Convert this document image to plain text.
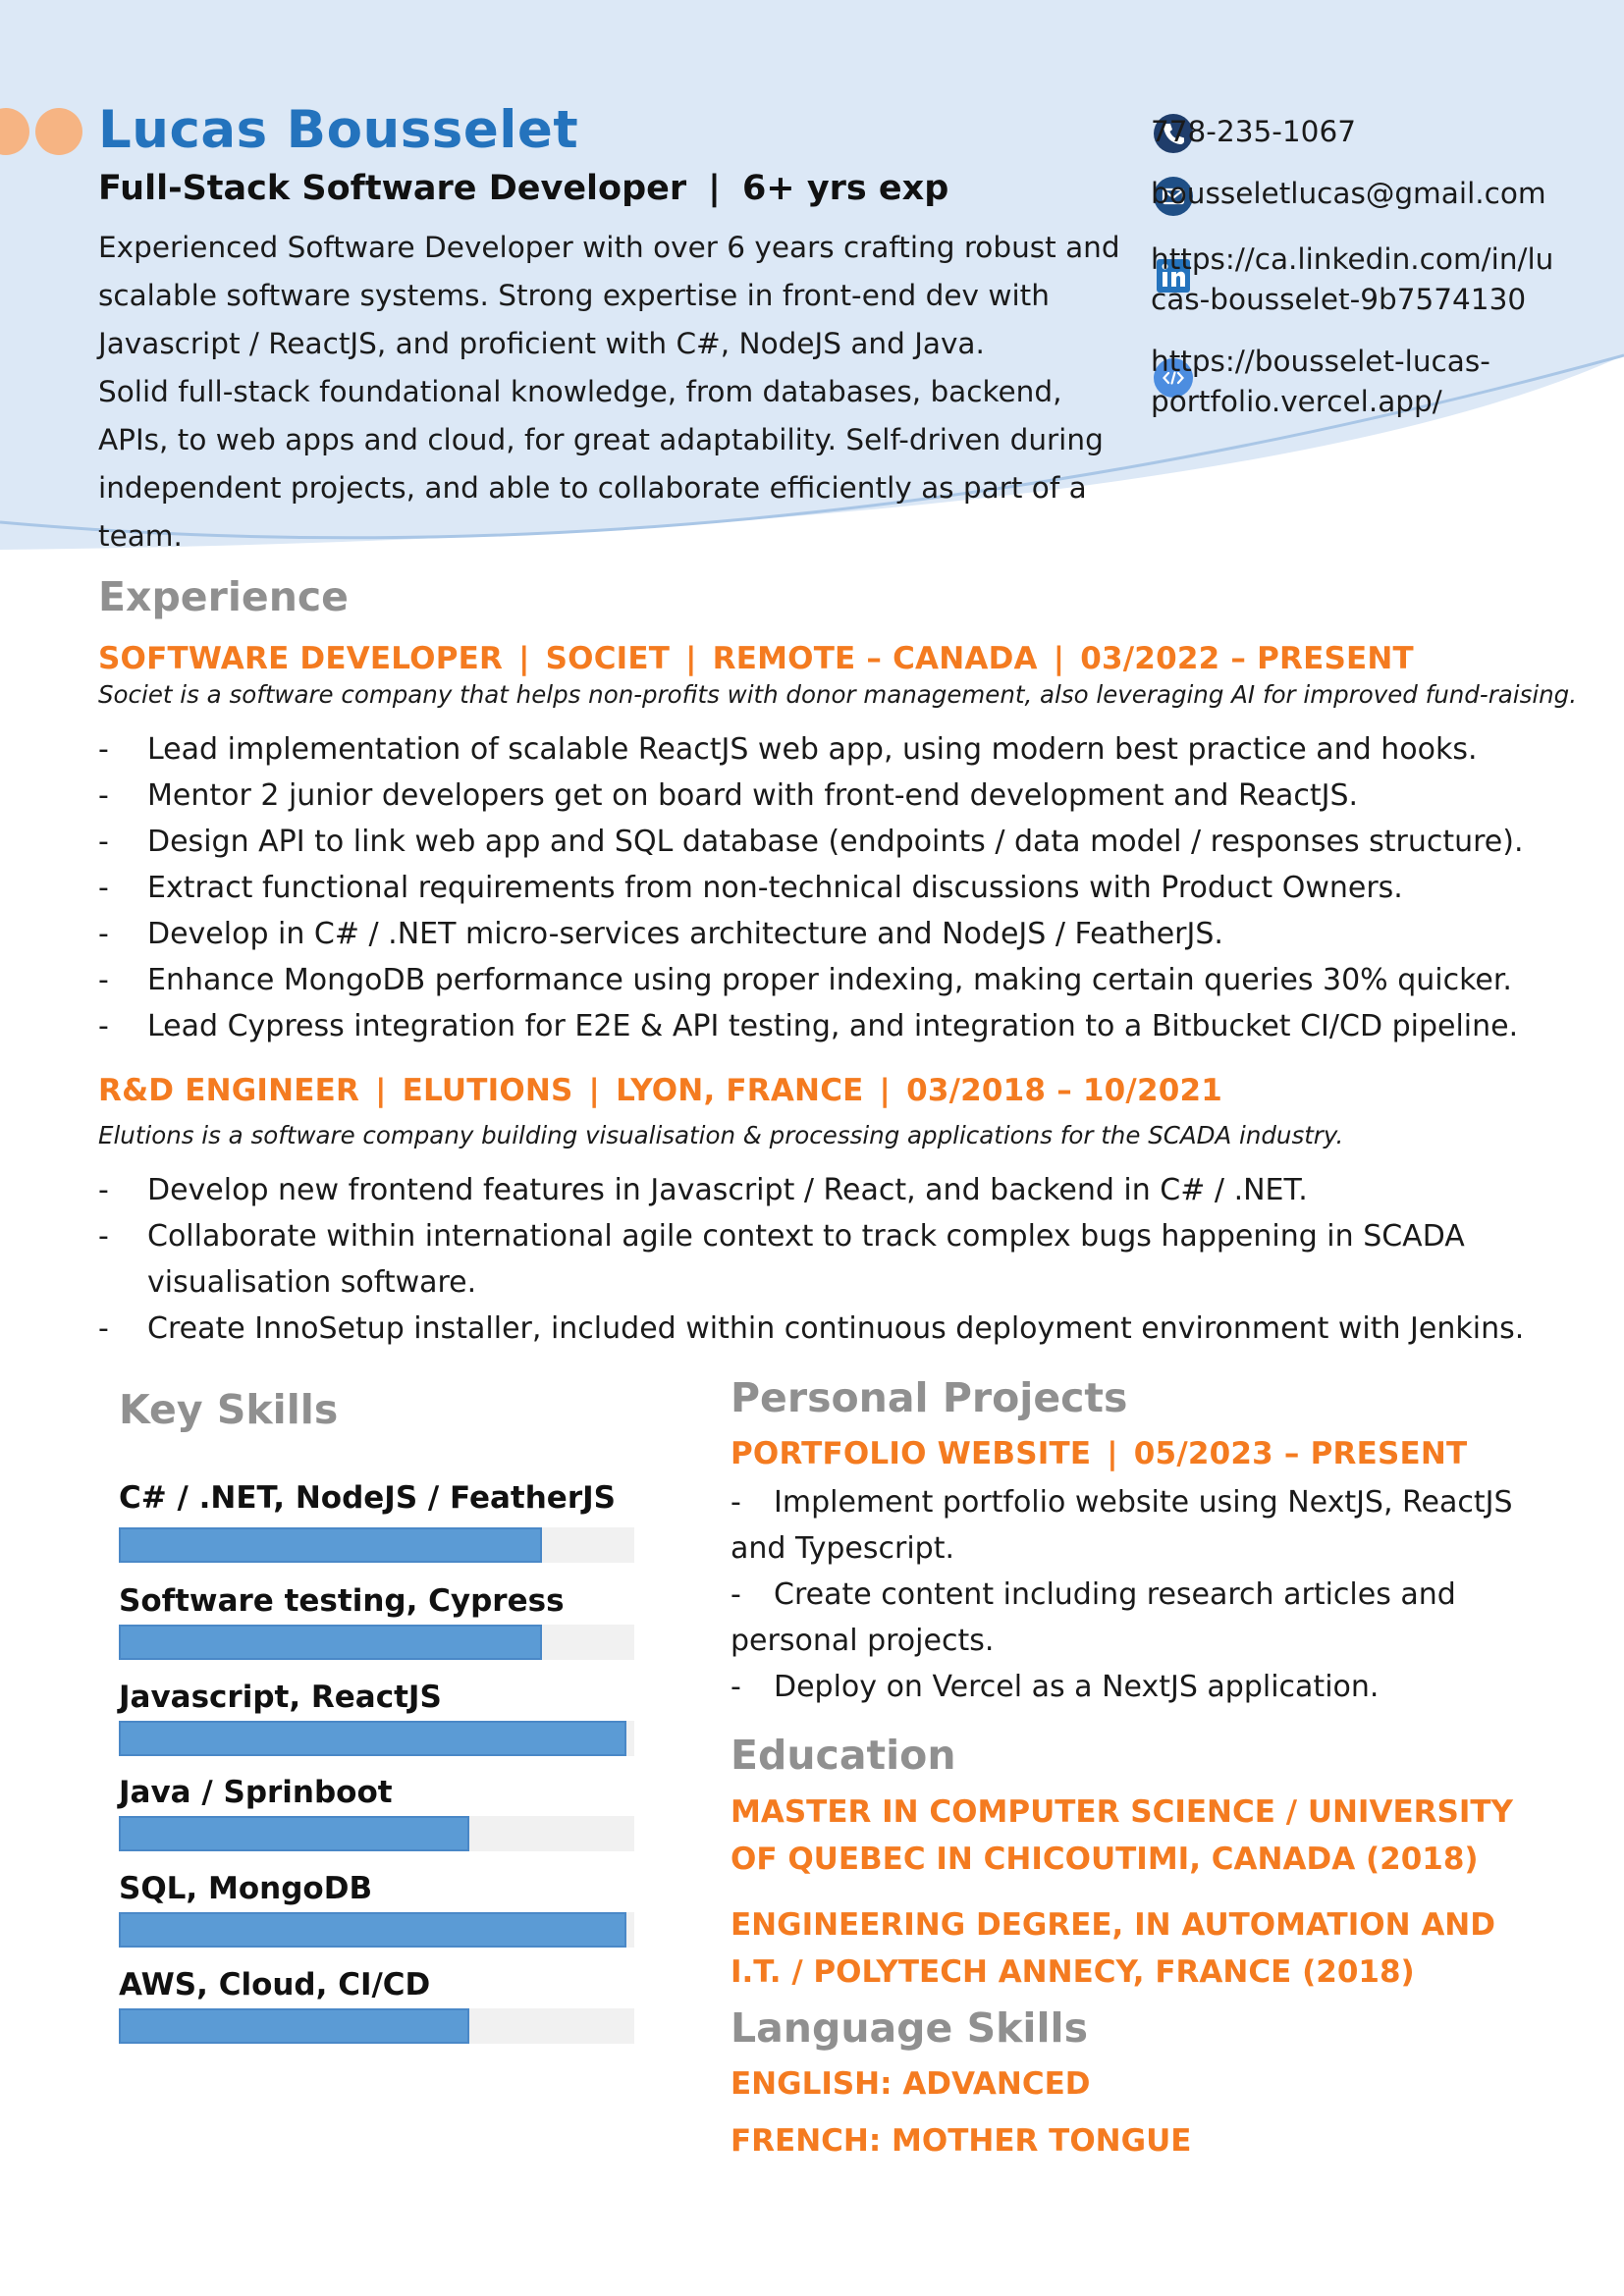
Lucas Bousselet
Full-Stack Software Developer | 6+ yrs exp

Experienced Software Developer with over 6 years crafting robust and scalable software systems. Strong expertise in front-end dev with Javascript / ReactJS, and proficient with C#, NodeJS and Java.

Solid full-stack foundational knowledge, from databases, backend, APIs, to web apps and cloud, for great adaptability. Self-driven during independent projects, and able to collaborate efficiently as part of a team.

778-235-1067
bousseletlucas@gmail.com
https://ca.linkedin.com/in/lu
cas-bousselet-9b7574130
https://bousselet-lucas-
portfolio.vercel.app/
Experience
SOFTWARE DEVELOPER | SOCIET | REMOTE – CANADA | 03/2022 – PRESENT
Societ is a software company that helps non-profits with donor management, also leveraging AI for improved fund-raising.
- Lead implementation of scalable ReactJS web app, using modern best practice and hooks.
- Mentor 2 junior developers get on board with front-end development and ReactJS.
- Design API to link web app and SQL database (endpoints / data model / responses structure).
- Extract functional requirements from non-technical discussions with Product Owners.
- Develop in C# / .NET micro-services architecture and NodeJS / FeatherJS.
- Enhance MongoDB performance using proper indexing, making certain queries 30% quicker.
- Lead Cypress integration for E2E & API testing, and integration to a Bitbucket CI/CD pipeline.
R&D ENGINEER | ELUTIONS | LYON, FRANCE | 03/2018 – 10/2021
Elutions is a software company building visualisation & processing applications for the SCADA industry.
- Develop new frontend features in Javascript / React, and backend in C# / .NET.
- Collaborate within international agile context to track complex bugs happening in SCADA visualisation software.
- Create InnoSetup installer, included within continuous deployment environment with Jenkins.
Key Skills
C# / .NET, NodeJS / FeatherJS
Software testing, Cypress
Javascript, ReactJS
Java / Sprinboot
SQL, MongoDB
AWS, Cloud, CI/CD
Personal Projects
PORTFOLIO WEBSITE | 05/2023 – PRESENT
- Implement portfolio website using NextJS, ReactJS and Typescript.
- Create content including research articles and personal projects.
- Deploy on Vercel as a NextJS application.
Education
MASTER IN COMPUTER SCIENCE / UNIVERSITY OF QUEBEC IN CHICOUTIMI, CANADA (2018)
ENGINEERING DEGREE, IN AUTOMATION AND I.T. / POLYTECH ANNECY, FRANCE (2018)
Language Skills
ENGLISH: ADVANCED
FRENCH: MOTHER TONGUE
